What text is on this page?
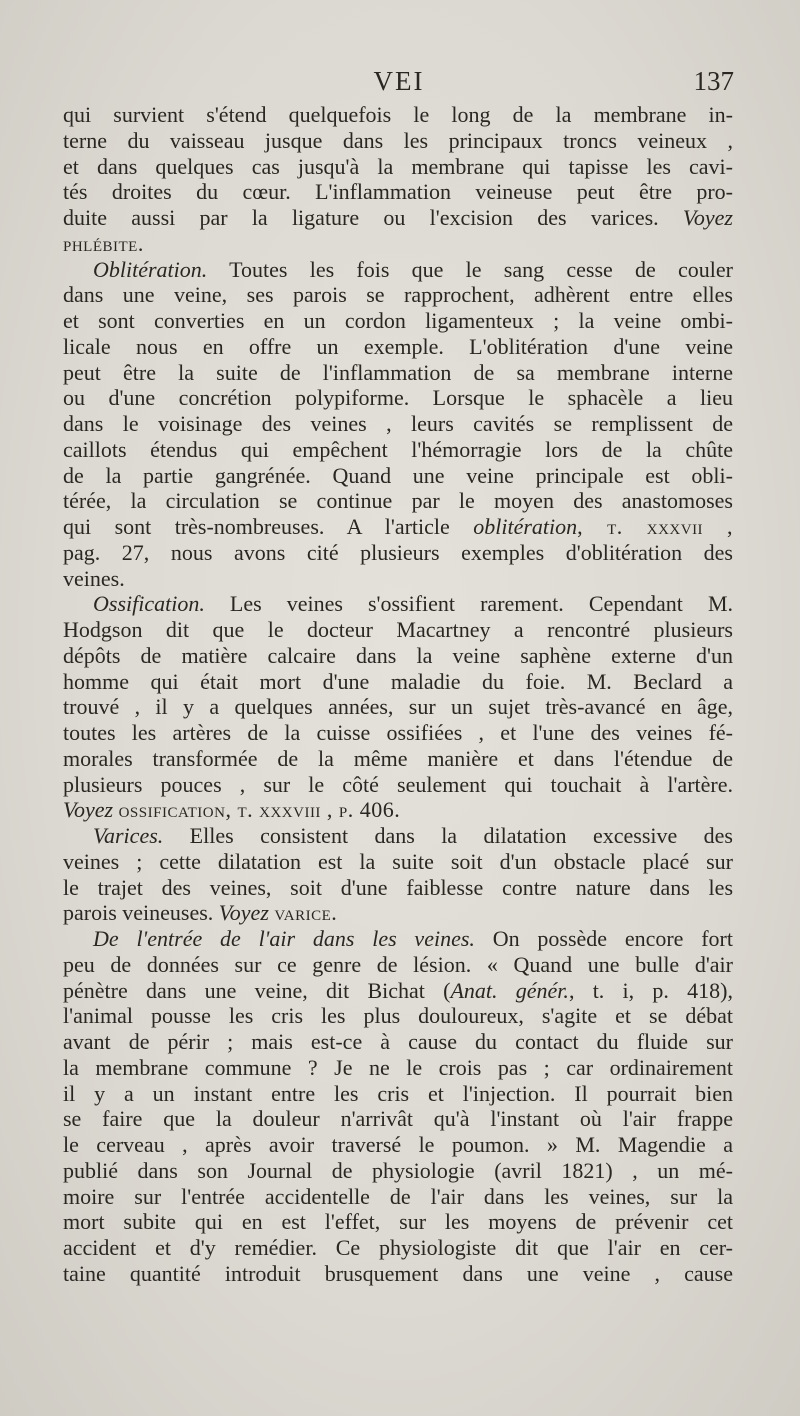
VEI	137
qui survient s'étend quelquefois le long de la membrane in-
terne du vaisseau jusque dans les principaux troncs veineux ,
et dans quelques cas jusqu'à la membrane qui tapisse les cavi-
tés droites du cœur. L'inflammation veineuse peut être pro-
duite aussi par la ligature ou l'excision des varices. Voyez
phlébite.
Oblitération. Toutes les fois que le sang cesse de couler
dans une veine, ses parois se rapprochent, adhèrent entre elles
et sont converties en un cordon ligamenteux ; la veine ombi-
licale nous en offre un exemple. L'oblitération d'une veine
peut être la suite de l'inflammation de sa membrane interne
ou d'une concrétion polypiforme. Lorsque le sphacèle a lieu
dans le voisinage des veines , leurs cavités se remplissent de
caillots étendus qui empêchent l'hémorragie lors de la chûte
de la partie gangrénée. Quand une veine principale est obli-
térée, la circulation se continue par le moyen des anastomoses
qui sont très-nombreuses. A l'article oblitération, t. xxxvii ,
pag. 27, nous avons cité plusieurs exemples d'oblitération des
veines.
Ossification. Les veines s'ossifient rarement. Cependant M.
Hodgson dit que le docteur Macartney a rencontré plusieurs
dépôts de matière calcaire dans la veine saphène externe d'un
homme qui était mort d'une maladie du foie. M. Beclard a
trouvé , il y a quelques années, sur un sujet très-avancé en âge,
toutes les artères de la cuisse ossifiées , et l'une des veines fé-
morales transformée de la même manière et dans l'étendue de
plusieurs pouces , sur le côté seulement qui touchait à l'artère.
Voyez ossification, t. xxxviii , p. 406.
Varices. Elles consistent dans la dilatation excessive des
veines ; cette dilatation est la suite soit d'un obstacle placé sur
le trajet des veines, soit d'une faiblesse contre nature dans les
parois veineuses. Voyez varice.
De l'entrée de l'air dans les veines. On possède encore fort
peu de données sur ce genre de lésion. « Quand une bulle d'air
pénètre dans une veine, dit Bichat (Anat. génér., t. i, p. 418),
l'animal pousse les cris les plus douloureux, s'agite et se débat
avant de périr ; mais est-ce à cause du contact du fluide sur
la membrane commune ? Je ne le crois pas ; car ordinairement
il y a un instant entre les cris et l'injection. Il pourrait bien
se faire que la douleur n'arrivât qu'à l'instant où l'air frappe
le cerveau , après avoir traversé le poumon. » M. Magendie a
publié dans son Journal de physiologie (avril 1821) , un mé-
moire sur l'entrée accidentelle de l'air dans les veines, sur la
mort subite qui en est l'effet, sur les moyens de prévenir cet
accident et d'y remédier. Ce physiologiste dit que l'air en cer-
taine quantité introduit brusquement dans une veine , cause
